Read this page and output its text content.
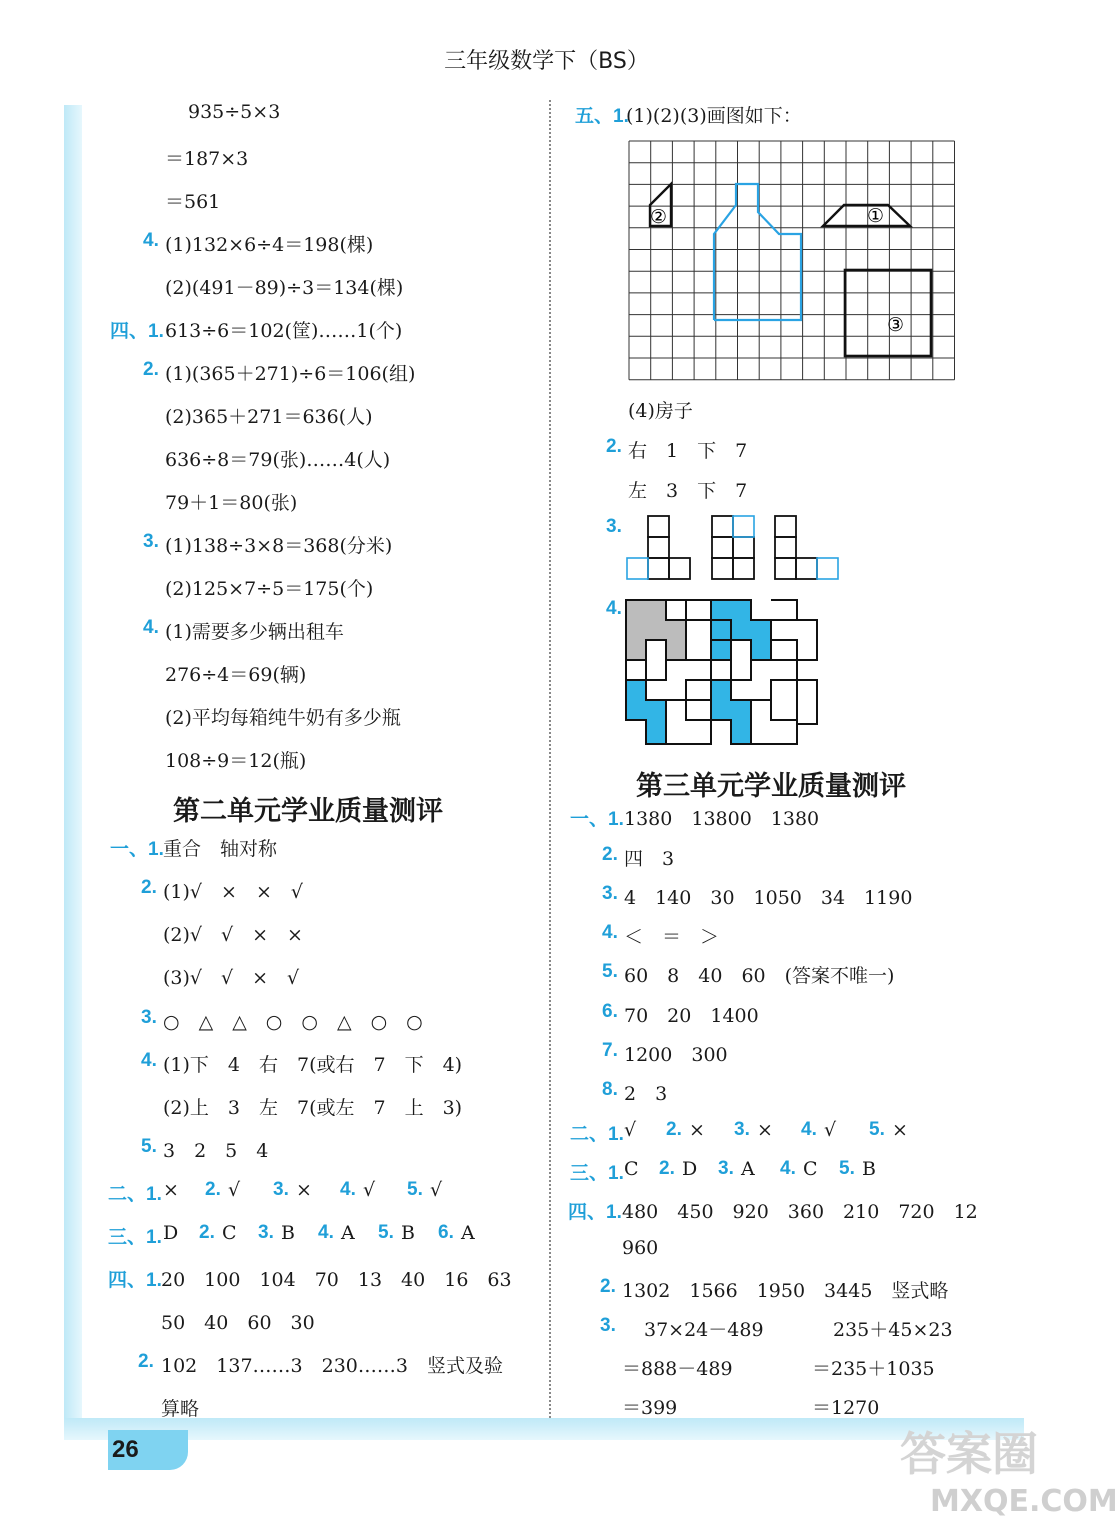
三年级数学下（BS）
935÷5×3
＝187×3
＝561
4. (1)132×6÷4＝198(棵)
(2)(491－89)÷3＝134(棵)
四、1. 613÷6＝102(筐)……1(个)
2. (1)(365＋271)÷6＝106(组)
(2)365＋271＝636(人)
636÷8＝79(张)……4(人)
79＋1＝80(张)
3. (1)138÷3×8＝368(分米)
(2)125×7÷5＝175(个)
4. (1)需要多少辆出租车
276÷4＝69(辆)
(2)平均每箱纯牛奶有多少瓶
108÷9＝12(瓶)
第二单元学业质量测评
一、1. 重合　轴对称
2. (1)√　×　×　√
(2)√　√　×　×
(3)√　√　×　√
3. ○　△　△　○　○　△　○　○
4. (1)下　4　右　7(或右　7　下　4)
(2)上　3　左　7(或左　7　上　3)
5. 3　2　5　4
二、1. × 2. √ 3. × 4. √ 5. √
三、1. D 2. C 3. B 4. A 5. B 6. A
四、1. 20　100　104　70　13　40　16　63
50　40　60　30
2. 102　137……3　230……3　竖式及验
算略
五、1.
(1)(2)(3)画图如下：
①
②
③
(4)房子
2. 右　1　下　7
左　3　下　7
3.
4.
第三单元学业质量测评
一、1. 1380　13800　1380
2. 四　3
3. 4　140　30　1050　34　1190
4. ＜　＝　＞
5. 60　8　40　60　(答案不唯一)
6. 70　20　1400
7. 1200　300
8. 2　3
二、1. √ 2. × 3. × 4. √ 5. ×
三、1. C 2. D 3. A 4. C 5. B
四、1. 480　450　920　360　210　720　12
960
2. 1302　1566　1950　3445　竖式略
3. 37×24－489	235＋45×23
＝888－489	＝235＋1035
＝399	＝1270
26	答案圈
MXQE.COM
